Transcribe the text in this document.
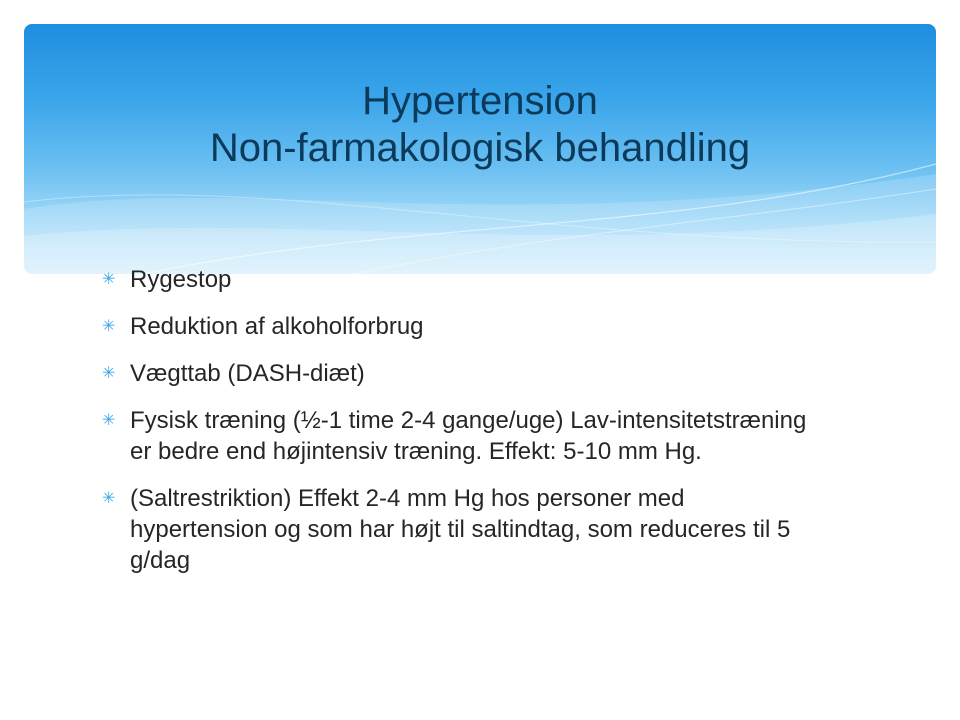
Hypertension
Non-farmakologisk behandling
✳ Rygestop
✳ Reduktion af alkoholforbrug
✳ Vægttab (DASH-diæt)
✳ Fysisk træning (½-1 time 2-4 gange/uge) Lav-intensitetstræning er bedre end højintensiv træning. Effekt: 5-10 mm Hg.
✳ (Saltrestriktion) Effekt 2-4 mm Hg hos personer med hypertension og som har højt til saltindtag, som reduceres til 5 g/dag
